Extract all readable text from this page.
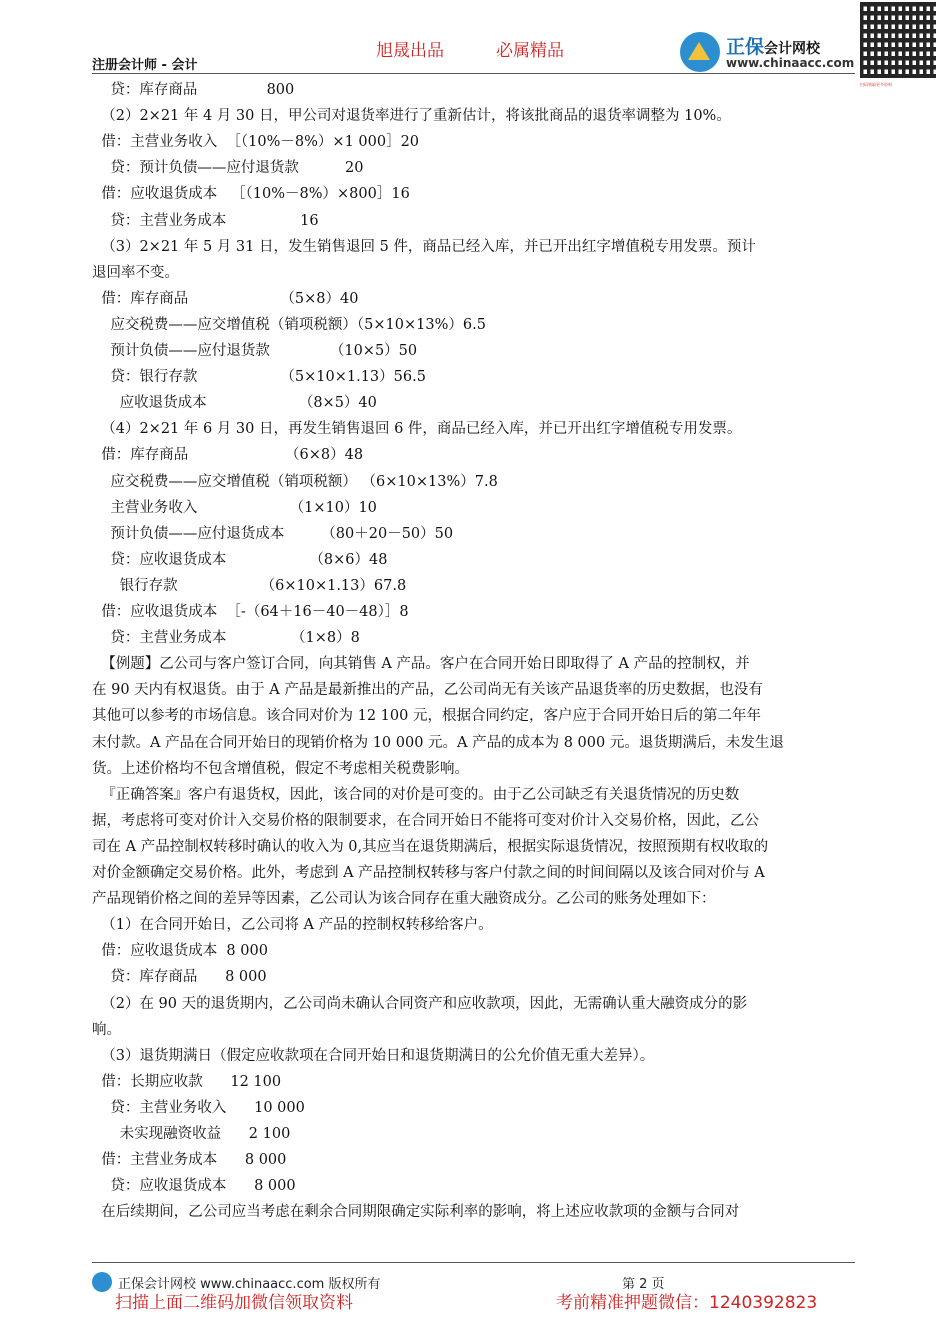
注册会计师 - 会计
旭晟出品	必属精品	正保会计网校
www.chinaacc.com
扫码领取更多资料
贷：库存商品               800
（2）2×21 年 4 月 30 日，甲公司对退货率进行了重新估计，将该批商品的退货率调整为 10%。
借：主营业务收入  ［（10%－8%）×1 000］20
贷：预计负债——应付退货款          20
借：应收退货成本   ［（10%－8%）×800］16
贷：主营业务成本                16
（3）2×21 年 5 月 31 日，发生销售退回 5 件，商品已经入库，并已开出红字增值税专用发票。预计
退回率不变。
借：库存商品                    （5×8）40
应交税费——应交增值税（销项税额）（5×10×13%）6.5
预计负债——应付退货款             （10×5）50
贷：银行存款                  （5×10×1.13）56.5
应收退货成本                    （8×5）40
（4）2×21 年 6 月 30 日，再发生销售退回 6 件，商品已经入库，并已开出红字增值税专用发票。
借：库存商品                     （6×8）48
应交税费——应交增值税（销项税额） （6×10×13%）7.8
主营业务收入                    （1×10）10
预计负债——应付退货成本        （80＋20－50）50
贷：应收退货成本                  （8×6）48
银行存款                  （6×10×1.13）67.8
借：应收退货成本  ［-（64＋16－40－48）］8
贷：主营业务成本              （1×8）8
【例题】乙公司与客户签订合同，向其销售 A 产品。客户在合同开始日即取得了 A 产品的控制权，并
在 90 天内有权退货。由于 A 产品是最新推出的产品，乙公司尚无有关该产品退货率的历史数据，也没有
其他可以参考的市场信息。该合同对价为 12 100 元，根据合同约定，客户应于合同开始日后的第二年年
末付款。A 产品在合同开始日的现销价格为 10 000 元。A 产品的成本为 8 000 元。退货期满后，未发生退
货。上述价格均不包含增值税，假定不考虑相关税费影响。
『正确答案』客户有退货权，因此，该合同的对价是可变的。由于乙公司缺乏有关退货情况的历史数
据，考虑将可变对价计入交易价格的限制要求，在合同开始日不能将可变对价计入交易价格，因此，乙公
司在 A 产品控制权转移时确认的收入为 0,其应当在退货期满后，根据实际退货情况，按照预期有权收取的
对价金额确定交易价格。此外，考虑到 A 产品控制权转移与客户付款之间的时间间隔以及该合同对价与 A
产品现销价格之间的差异等因素，乙公司认为该合同存在重大融资成分。乙公司的账务处理如下：
（1）在合同开始日，乙公司将 A 产品的控制权转移给客户。
借：应收退货成本  8 000
贷：库存商品      8 000
（2）在 90 天的退货期内，乙公司尚未确认合同资产和应收款项，因此，无需确认重大融资成分的影
响。
（3）退货期满日（假定应收款项在合同开始日和退货期满日的公允价值无重大差异）。
借：长期应收款      12 100
贷：主营业务收入      10 000
未实现融资收益      2 100
借：主营业务成本      8 000
贷：应收退货成本      8 000
在后续期间，乙公司应当考虑在剩余合同期限确定实际利率的影响，将上述应收款项的金额与合同对
正保会计网校 www.chinaacc.com 版权所有	第 2 页
扫描上面二维码加微信领取资料	考前精准押题微信：1240392823
